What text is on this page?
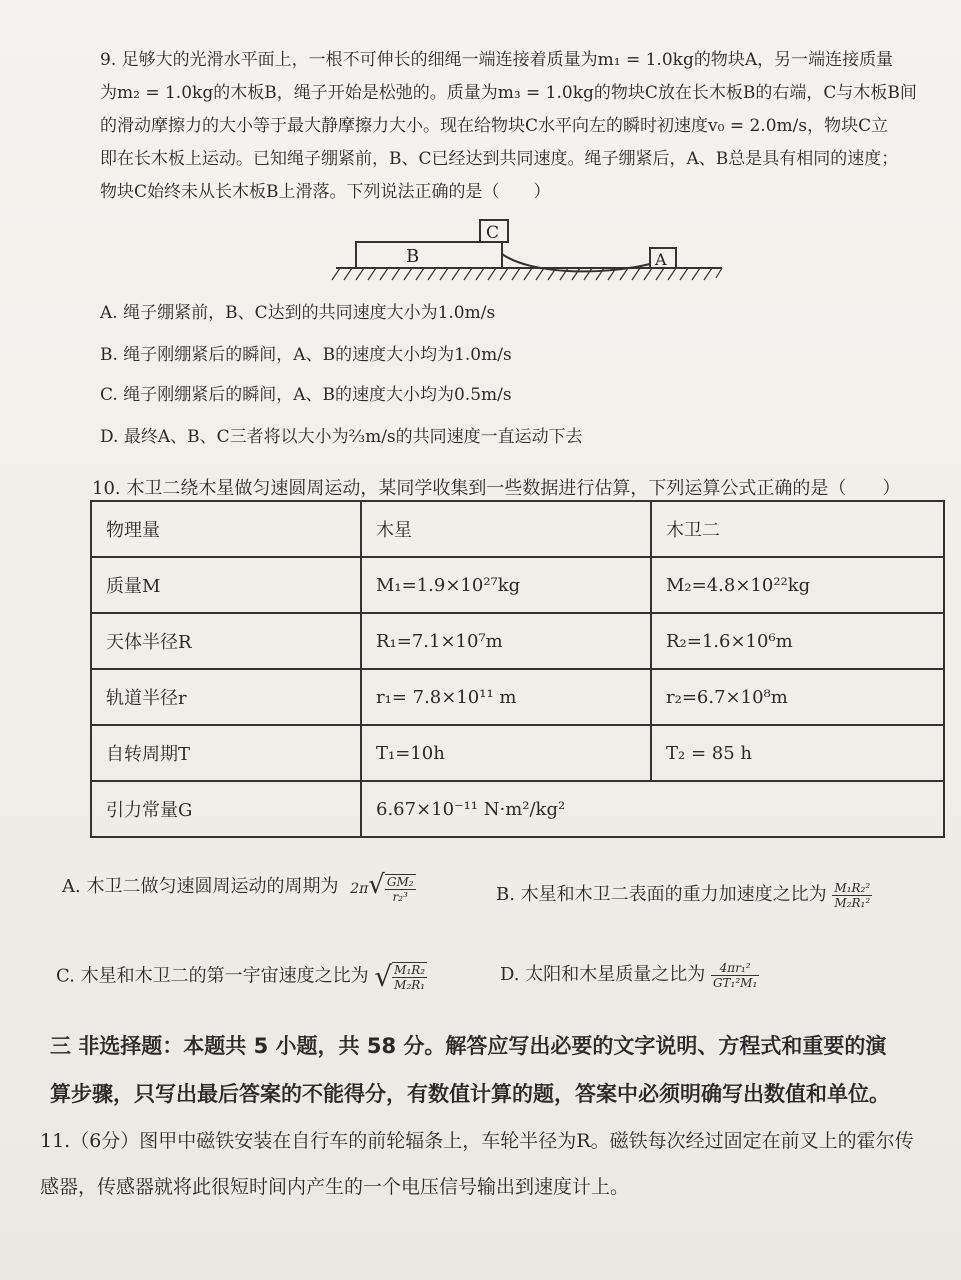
9. 足够大的光滑水平面上，一根不可伸长的细绳一端连接着质量为m₁ = 1.0kg的物块A，另一端连接质量
为m₂ = 1.0kg的木板B，绳子开始是松弛的。质量为m₃ = 1.0kg的物块C放在长木板B的右端，C与木板B间
的滑动摩擦力的大小等于最大静摩擦力大小。现在给物块C水平向左的瞬时初速度v₀ = 2.0m/s，物块C立
即在长木板上运动。已知绳子绷紧前，B、C已经达到共同速度。绳子绷紧后，A、B总是具有相同的速度；
物块C始终未从长木板B上滑落。下列说法正确的是（　　）
B
C
A
A. 绳子绷紧前，B、C达到的共同速度大小为1.0m/s
B. 绳子刚绷紧后的瞬间，A、B的速度大小均为1.0m/s
C. 绳子刚绷紧后的瞬间，A、B的速度大小均为0.5m/s
D. 最终A、B、C三者将以大小为⅔m/s的共同速度一直运动下去
10. 木卫二绕木星做匀速圆周运动，某同学收集到一些数据进行估算，下列运算公式正确的是（　　）
物理量	木星	木卫二
质量M	M₁=1.9×10²⁷kg	M₂=4.8×10²²kg
天体半径R	R₁=7.1×10⁷m	R₂=1.6×10⁶m
轨道半径r	r₁= 7.8×10¹¹ m	r₂=6.7×10⁸m
自转周期T	T₁=10h	T₂ = 85 h
引力常量G	6.67×10⁻¹¹ N·m²/kg²	
A. 木卫二做匀速圆周运动的周期为 $2\pi√ \frac{\text{GM₂}}{\text{r₂³}}$	B. 木星和木卫二表面的重力加速度之比为 $\frac{\text{M₁R₂²}}{\text{M₂R₁²}}$
C. 木星和木卫二的第一宇宙速度之比为 √ $\frac{\text{M₁R₂}}{\text{M₂R₁}}$	D. 太阳和木星质量之比为 $\frac{\text{4πr₁²}}{\text{GT₁²M₁}}$
三 非选择题：本题共 5 小题，共 58 分。解答应写出必要的文字说明、方程式和重要的演
算步骤，只写出最后答案的不能得分，有数值计算的题，答案中必须明确写出数值和单位。
11.（6分）图甲中磁铁安装在自行车的前轮辐条上，车轮半径为R。磁铁每次经过固定在前叉上的霍尔传
感器，传感器就将此很短时间内产生的一个电压信号输出到速度计上。
